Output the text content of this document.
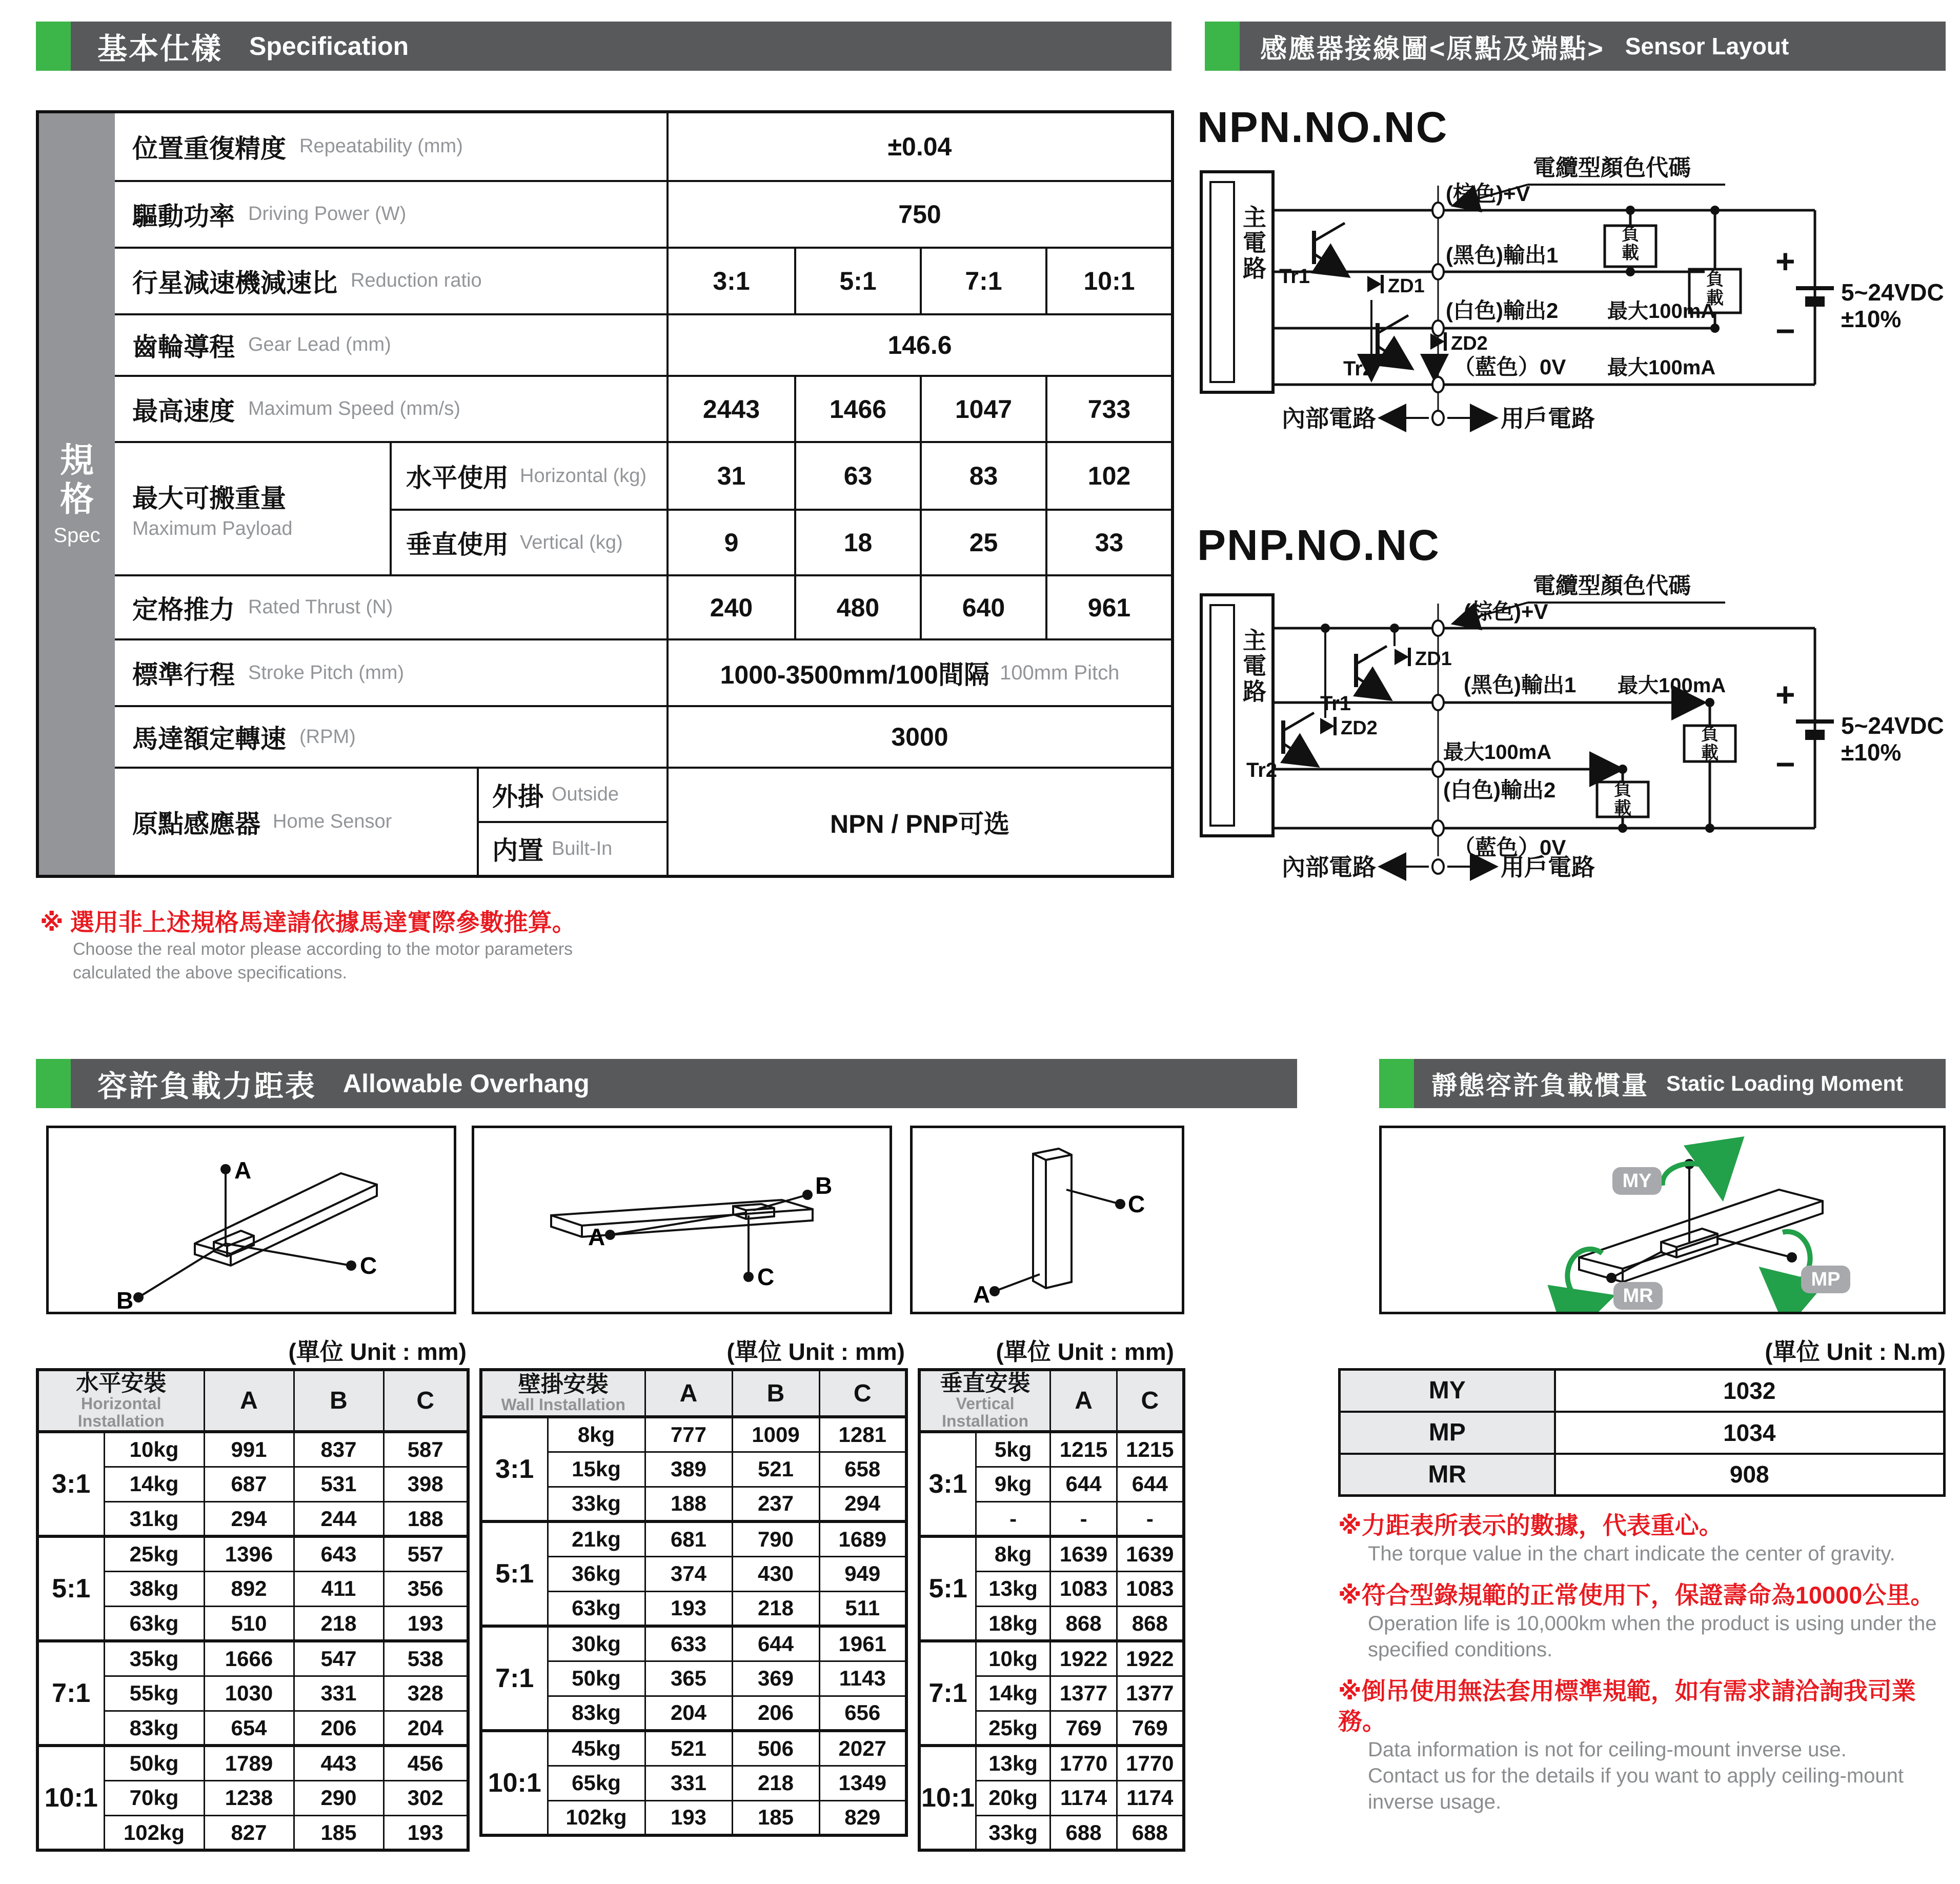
基本仕樣 Specification	感應器接線圖<原點及端點> Sensor Layout
容許負載力距表 Allowable Overhang	靜態容許負載慣量 Static Loading Moment
規格
Spec
位置重復精度 Repeatability (mm)	±0.04
驅動功率 Driving Power (W)	750
行星減速機減速比 Reduction ratio	3:1	5:1	7:1	10:1
齒輪導程 Gear Lead (mm)	146.6
最高速度 Maximum Speed (mm/s)	2443	1466	1047	733
最大可搬重量
Maximum Payload
水平使用 Horizontal (kg)	31	63	83	102
垂直使用 Vertical (kg)	9	18	25	33
定格推力 Rated Thrust (N)	240	480	640	961
標準行程 Stroke Pitch (mm)	1000-3500mm/100間隔 100mm Pitch
馬達額定轉速 (RPM)	3000
原點感應器 Home Sensor
外掛 Outside
内置 Built-In
NPN / PNP可选
※ 選用非上述規格馬達請依據馬達實際參數推算。
Choose the real motor please according to the motor parameters
calculated the above specifications.
NPN.NO.NC
主電路
負載
負載
電纜型顏色代碼
(棕色)+V
(黑色)輸出1
(白色)輸出2
（藍色）0V
最大100mA
最大100mA
+
−
5~24VDC
±10%
Tr1
Tr2
ZD1
ZD2
內部電路	用戶電路
PNP.NO.NC
主電路
負載
負載
電纜型顏色代碼
(棕色)+V
(黑色)輸出1 最大100mA
最大100mA
(白色)輸出2
（藍色）0V
+
−
5~24VDC
±10%
Tr1
Tr2
ZD1
ZD2
內部電路	用戶電路
A
C
B
A
B
C
A
C
MY
MP
MR
(單位 Unit : mm)	(單位 Unit : mm)	(單位 Unit : mm)	(單位 Unit : N.m)
水平安裝
Horizontal Installation		A	B	C
3:1	10kg	991	837	587
	14kg	687	531	398
	31kg	294	244	188
5:1	25kg	1396	643	557
	38kg	892	411	356
	63kg	510	218	193
7:1	35kg	1666	547	538
	55kg	1030	331	328
	83kg	654	206	204
10:1	50kg	1789	443	456
	70kg	1238	290	302
	102kg	827	185	193
壁掛安裝
Wall Installation		A	B	C
3:1	8kg	777	1009	1281
	15kg	389	521	658
	33kg	188	237	294
5:1	21kg	681	790	1689
	36kg	374	430	949
	63kg	193	218	511
7:1	30kg	633	644	1961
	50kg	365	369	1143
	83kg	204	206	656
10:1	45kg	521	506	2027
	65kg	331	218	1349
	102kg	193	185	829
垂直安裝
Vertical Installation		A	C
3:1	5kg	1215	1215
	9kg	644	644
	-	-	-
5:1	8kg	1639	1639
	13kg	1083	1083
	18kg	868	868
7:1	10kg	1922	1922
	14kg	1377	1377
	25kg	769	769
10:1	13kg	1770	1770
	20kg	1174	1174
	33kg	688	688
MY	1032
MP	1034
MR	908
※力距表所表示的數據，代表重心。
The torque value in the chart indicate the center of gravity.
※符合型錄規範的正常使用下，保證壽命為10000公里。
Operation life is 10,000km when the product is using under the
specified conditions.
※倒吊使用無法套用標準規範，如有需求請洽詢我司業務。
Data information is not for ceiling-mount inverse use.
Contact us for the details if you want to apply ceiling-mount
inverse usage.
